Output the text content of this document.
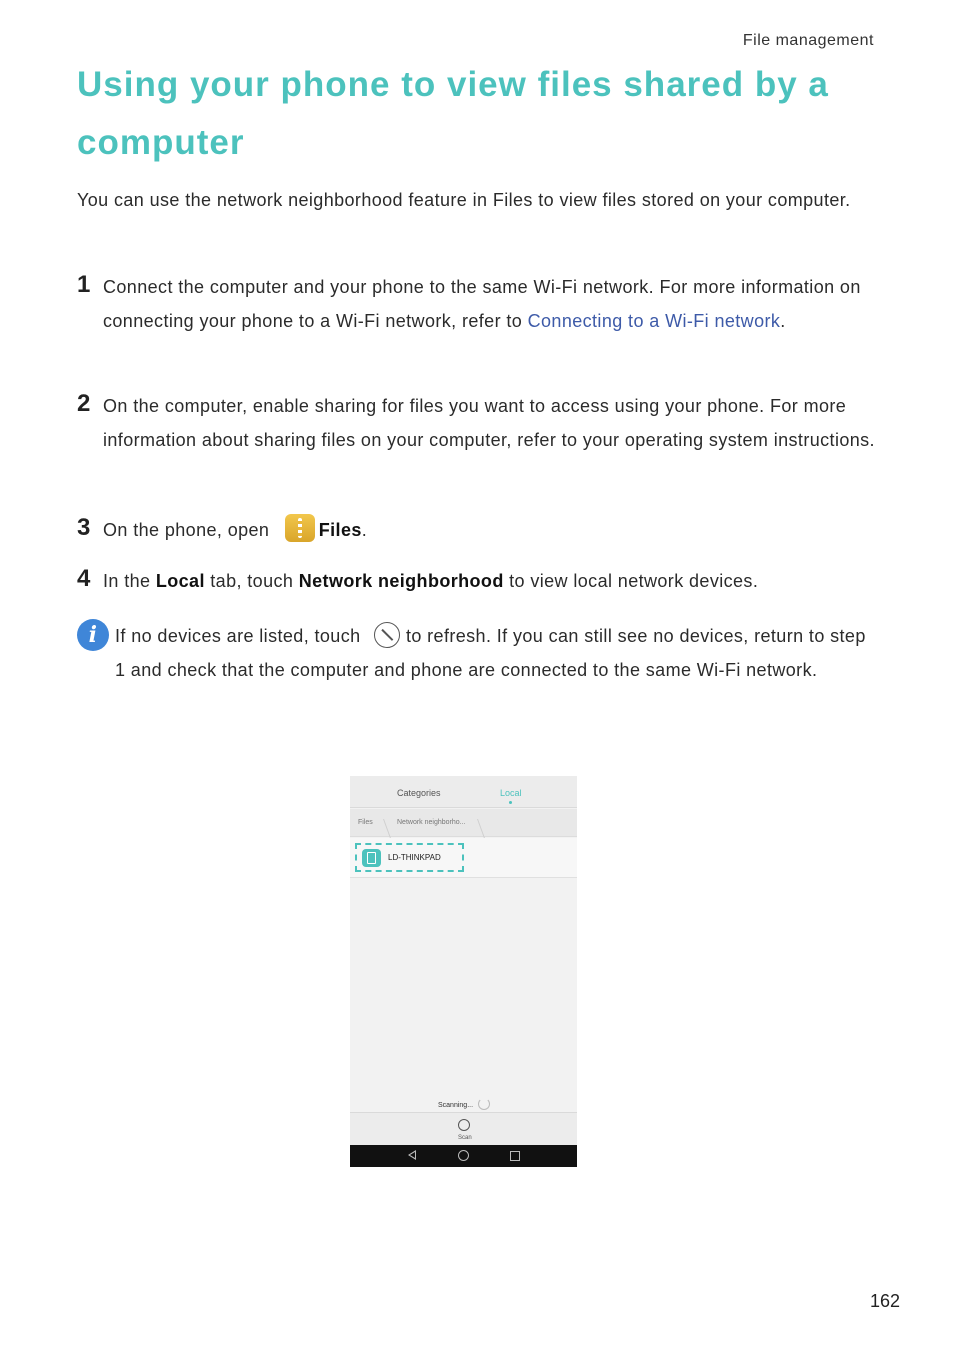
File management
Using your phone to view files shared by a computer

You can use the network neighborhood feature in Files to view files stored on your computer.

1 Connect the computer and your phone to the same Wi-Fi network. For more information on connecting your phone to a Wi-Fi network, refer to Connecting to a Wi-Fi network.
2 On the computer, enable sharing for files you want to access using your phone. For more information about sharing files on your computer, refer to your operating system instructions.
3 On the phone, open Files.
4 In the Local tab, touch Network neighborhood to view local network devices.
i If no devices are listed, touch to refresh. If you can still see no devices, return to step 1 and check that the computer and phone are connected to the same Wi-Fi network.
Categories	Local
Files	Network neighborho...
LD-THINKPAD
Scanning...
Scan
162
